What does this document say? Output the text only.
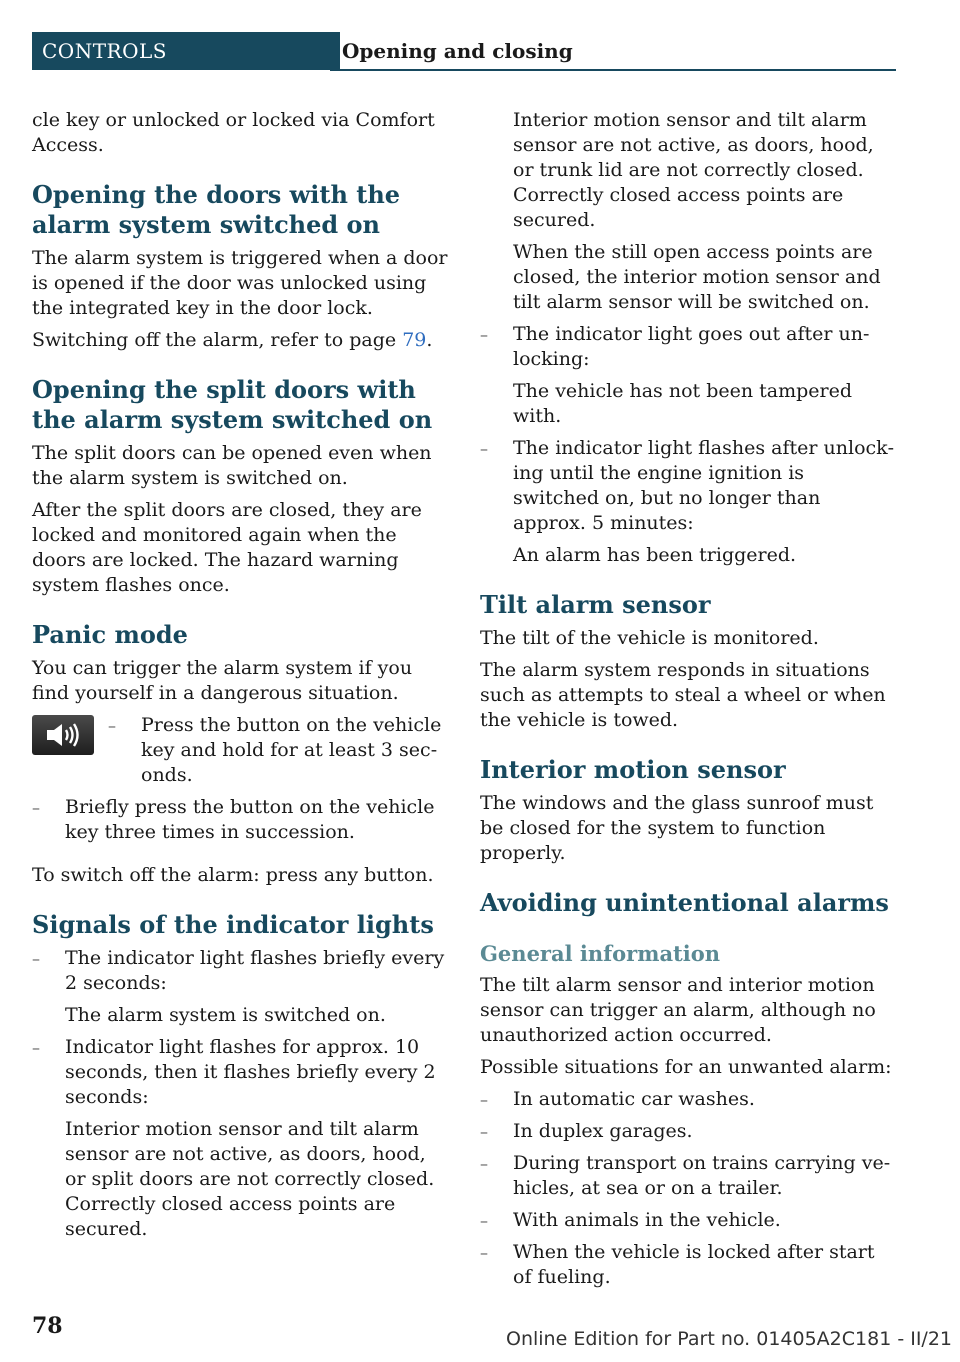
CONTROLS	Opening and closing

cle key or unlocked or locked via Comfort Access.

Opening the doors with the alarm system switched on

The alarm system is triggered when a door is opened if the door was unlocked using the integrated key in the door lock.

Switching off the alarm, refer to page 79.

Opening the split doors with the alarm system switched on

The split doors can be opened even when the alarm system is switched on.

After the split doors are closed, they are locked and monitored again when the doors are locked. The hazard warning system flashes once.

Panic mode

You can trigger the alarm system if you find yourself in a dangerous situation.

– Press the button on the vehicle key and hold for at least 3 seconds.
– Briefly press the button on the vehicle key three times in succession.

To switch off the alarm: press any button.

Signals of the indicator lights
– The indicator light flashes briefly every 2 seconds:

The alarm system is switched on.

– Indicator light flashes for approx. 10 seconds, then it flashes briefly every 2 seconds:

Interior motion sensor and tilt alarm sensor are not active, as doors, hood, or split doors are not correctly closed. Correctly closed access points are secured.

Interior motion sensor and tilt alarm sensor are not active, as doors, hood, or trunk lid are not correctly closed. Correctly closed access points are secured.

When the still open access points are closed, the interior motion sensor and tilt alarm sensor will be switched on.

– The indicator light goes out after unlocking:

The vehicle has not been tampered with.

– The indicator light flashes after unlocking until the engine ignition is switched on, but no longer than approx. 5 minutes:

An alarm has been triggered.

Tilt alarm sensor

The tilt of the vehicle is monitored.

The alarm system responds in situations such as attempts to steal a wheel or when the vehicle is towed.

Interior motion sensor

The windows and the glass sunroof must be closed for the system to function properly.

Avoiding unintentional alarms
General information

The tilt alarm sensor and interior motion sensor can trigger an alarm, although no unauthorized action occurred.

Possible situations for an unwanted alarm:

– In automatic car washes.
– In duplex garages.
– During transport on trains carrying vehicles, at sea or on a trailer.
– With animals in the vehicle.
– When the vehicle is locked after start of fueling.
78	Online Edition for Part no. 01405A2C181 - II/21
